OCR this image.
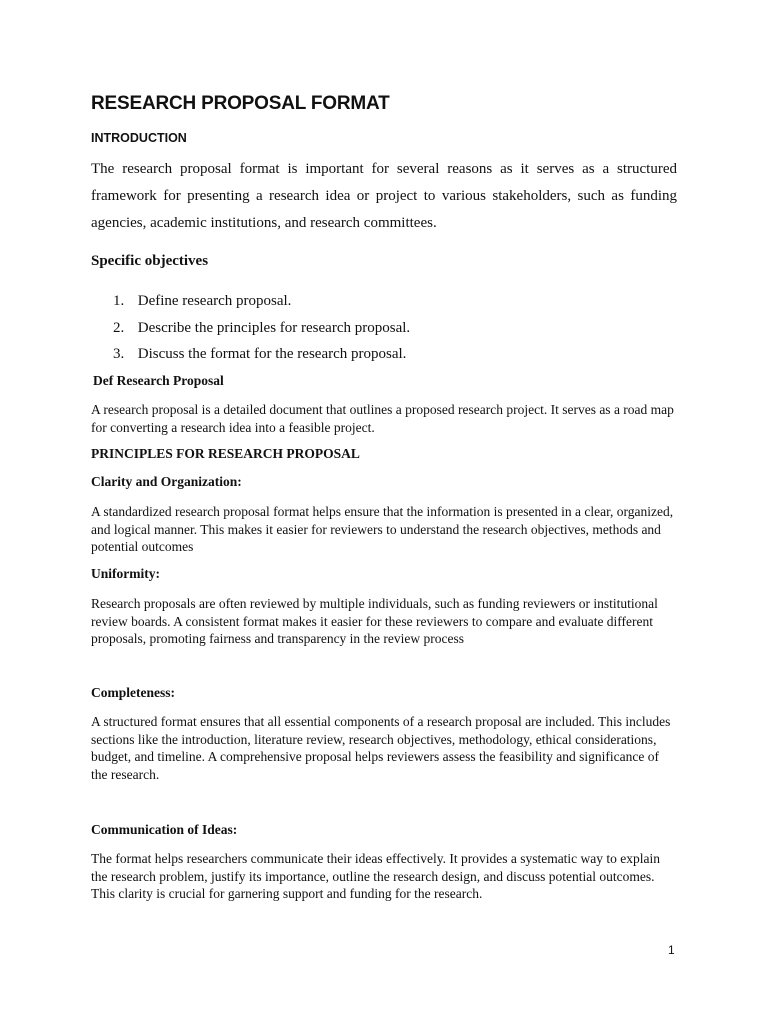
RESEARCH PROPOSAL FORMAT
INTRODUCTION

The research proposal format is important for several reasons as it serves as a structured framework for presenting a research idea or project to various stakeholders, such as funding agencies, academic institutions, and research committees.

Specific objectives
1. Define research proposal.
2. Describe the principles for research proposal.
3. Discuss the format for the research proposal.
Def Research Proposal

A research proposal is a detailed document that outlines a proposed research project. It serves as a road map for converting a research idea into a feasible project.

PRINCIPLES FOR RESEARCH PROPOSAL
Clarity and Organization:

A standardized research proposal format helps ensure that the information is presented in a clear, organized, and logical manner. This makes it easier for reviewers to understand the research objectives, methods and potential outcomes

Uniformity:

Research proposals are often reviewed by multiple individuals, such as funding reviewers or institutional review boards. A consistent format makes it easier for these reviewers to compare and evaluate different proposals, promoting fairness and transparency in the review process

Completeness:

A structured format ensures that all essential components of a research proposal are included. This includes sections like the introduction, literature review, research objectives, methodology, ethical considerations, budget, and timeline. A comprehensive proposal helps reviewers assess the feasibility and significance of the research.

Communication of Ideas:

The format helps researchers communicate their ideas effectively. It provides a systematic way to explain the research problem, justify its importance, outline the research design, and discuss potential outcomes. This clarity is crucial for garnering support and funding for the research.

1
